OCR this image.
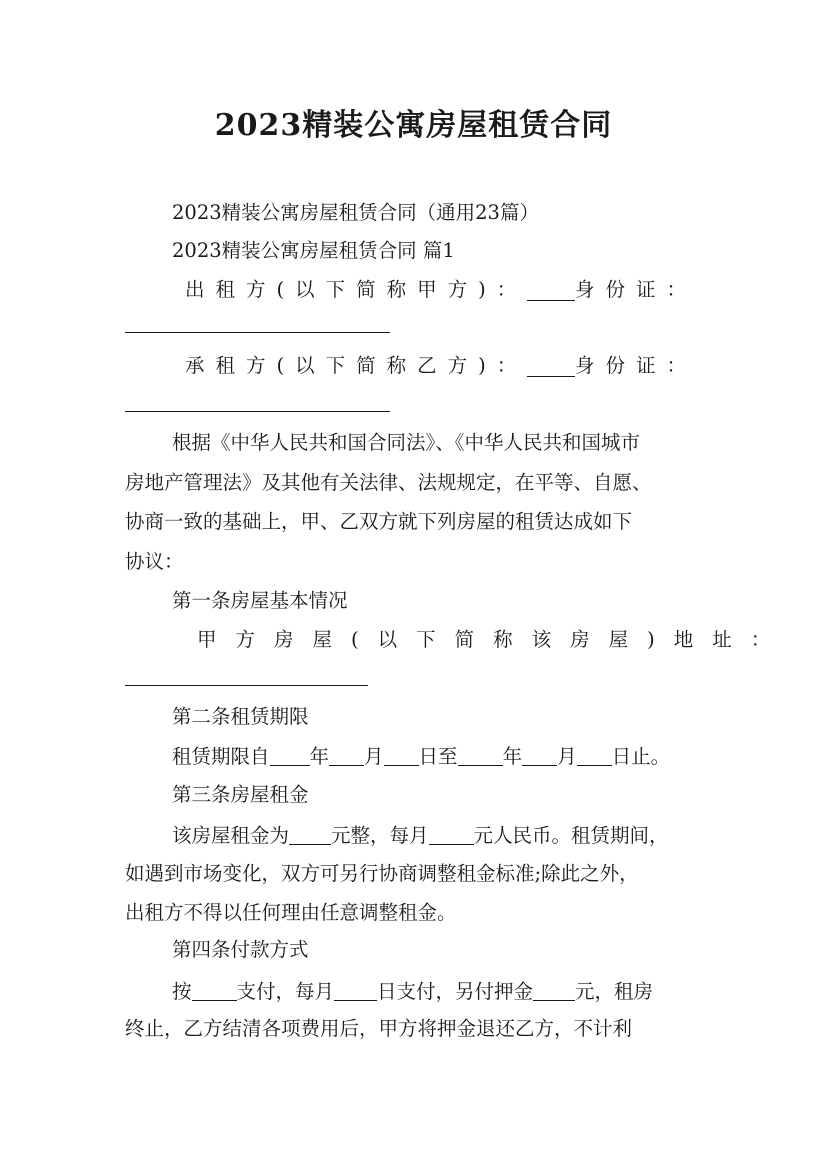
2023精装公寓房屋租赁合同
2023精装公寓房屋租赁合同（通用23篇）
2023精装公寓房屋租赁合同 篇1
出租方(以下简称甲方)： 身份证：
承租方(以下简称乙方)： 身份证：
根据《中华人民共和国合同法》、《中华人民共和国城市
房地产管理法》及其他有关法律、法规规定，在平等、自愿、
协商一致的基础上，甲、乙双方就下列房屋的租赁达成如下
协议：
第一条房屋基本情况
甲方房屋(以下简称该房屋)地址：
第二条租赁期限
租赁期限自 年 月 日至 年 月 日止。
第三条房屋租金
该房屋租金为 元整，每月 元人民币。租赁期间，
如遇到市场变化，双方可另行协商调整租金标准;除此之外，
出租方不得以任何理由任意调整租金。
第四条付款方式
按 支付，每月 日支付，另付押金 元，租房
终止，乙方结清各项费用后，甲方将押金退还乙方，不计利
